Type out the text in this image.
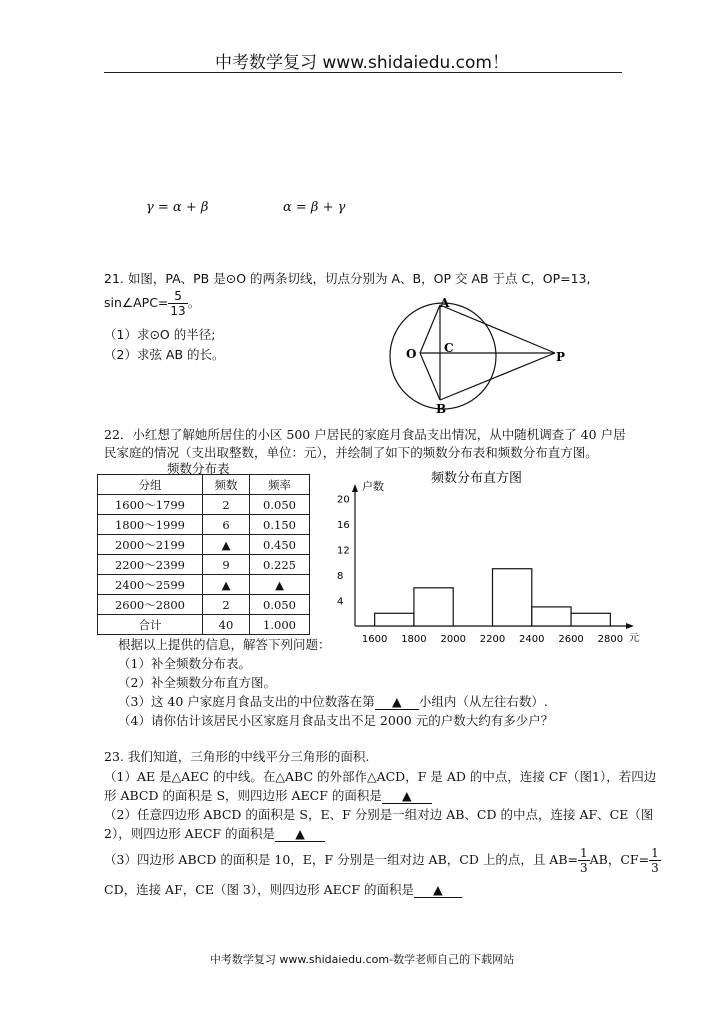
中考数学复习 www.shidaiedu.com！
γ = α + β	α = β + γ
21. 如图，PA、PB 是⊙O 的两条切线，切点分别为 A、B，OP 交 AB 于点 C，OP=13,
sin∠APC= $\frac{5}{13}$ 。
（1）求⊙O 的半径;
（2）求弦 AB 的长。
A
B
C
O	P
22．小红想了解她所居住的小区 500 户居民的家庭月食品支出情况，从中随机调查了 40 户居
民家庭的情况（支出取整数，单位：元），并绘制了如下的频数分布表和频数分布直方图。
频数分布表
分组	频数	频率
1600～1799	2	0.050
1800～1999	6	0.150
2000～2199	▲	0.450
2200～2399	9	0.225
2400～2599	▲	▲
2600～2800	2	0.050
合计	40	1.000
频数分布直方图
户数
元
4
8
12
16
20
1600 1800 2000 2200 2400 2600 2800
根据以上提供的信息，解答下列问题：
（1）补全频数分布表。
（2）补全频数分布直方图。
（3）这 40 户家庭月食品支出的中位数落在第 ▲ 小组内（从左往右数）.
（4）请你估计该居民小区家庭月食品支出不足 2000 元的户数大约有多少户？
23. 我们知道，三角形的中线平分三角形的面积.
（1）AE 是△AEC 的中线。在△ABC 的外部作△ACD，F 是 AD 的中点，连接 CF（图1），若四边
形 ABCD 的面积是 S，则四边形 AECF 的面积是 ▲
（2）任意四边形 ABCD 的面积是 S，E、F 分别是一组对边 AB、CD 的中点，连接 AF、CE（图
2），则四边形 AECF 的面积是 ▲
（3）四边形 ABCD 的面积是 10，E，F 分别是一组对边 AB，CD 上的点，且 $AB= \frac{1}{3}$ AB，$CF= \frac{1}{3}$
CD，连接 AF，CE（图 3），则四边形 AECF 的面积是 ▲
中考数学复习 www.shidaiedu.com-数学老师自己的下载网站
